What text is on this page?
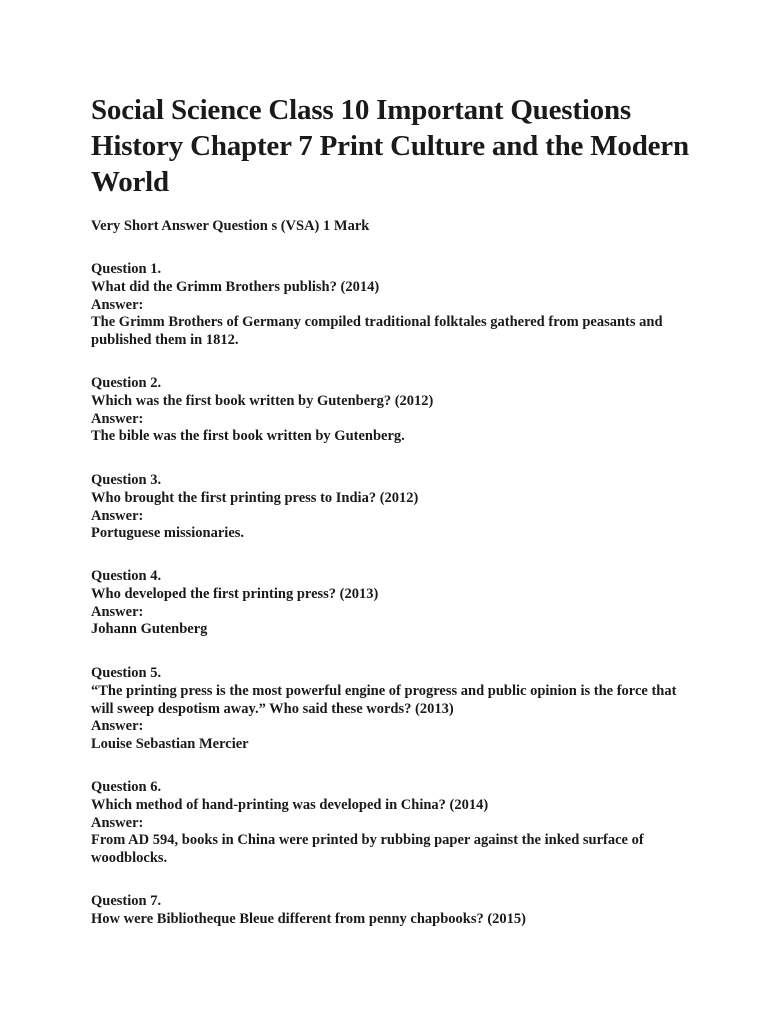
Social Science Class 10 Important Questions History Chapter 7 Print Culture and the Modern World
Very Short Answer Question s (VSA) 1 Mark
Question 1.
What did the Grimm Brothers publish? (2014)
Answer:
The Grimm Brothers of Germany compiled traditional folktales gathered from peasants and published them in 1812.
Question 2.
Which was the first book written by Gutenberg? (2012)
Answer:
The bible was the first book written by Gutenberg.
Question 3.
Who brought the first printing press to India? (2012)
Answer:
Portuguese missionaries.
Question 4.
Who developed the first printing press? (2013)
Answer:
Johann Gutenberg
Question 5.
“The printing press is the most powerful engine of progress and public opinion is the force that will sweep despotism away.” Who said these words? (2013)
Answer:
Louise Sebastian Mercier
Question 6.
Which method of hand-printing was developed in China? (2014)
Answer:
From AD 594, books in China were printed by rubbing paper against the inked surface of woodblocks.
Question 7.
How were Bibliotheque Bleue different from penny chapbooks? (2015)
